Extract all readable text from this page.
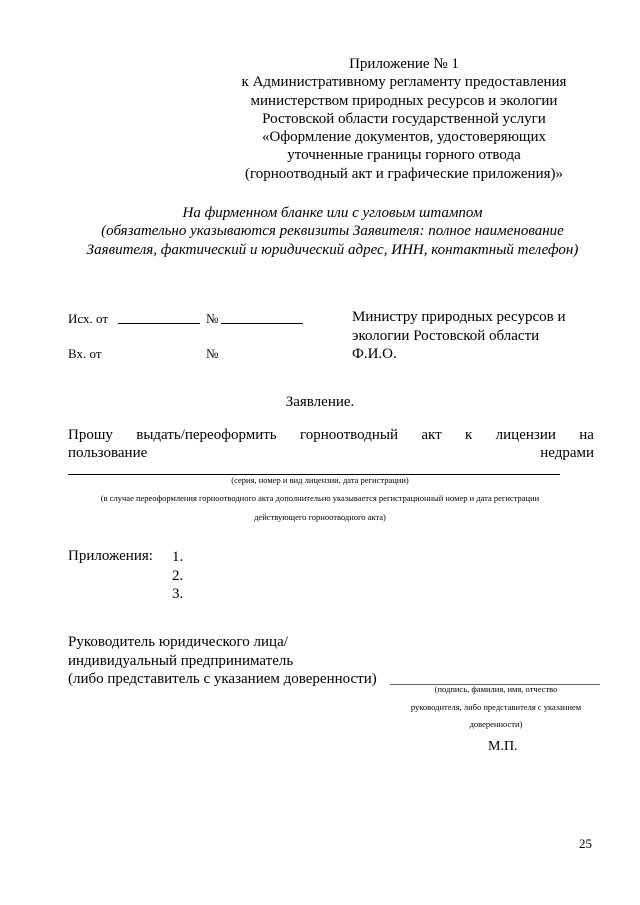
Приложение № 1
к Административному регламенту предоставления
министерством природных ресурсов и экологии
Ростовской области государственной услуги
«Оформление документов, удостоверяющих
уточненные границы горного отвода
(горноотводный акт и графические приложения)»
На фирменном бланке или с угловым штампом
(обязательно указываются реквизиты Заявителя: полное наименование
Заявителя, фактический и юридический адрес, ИНН, контактный телефон)
Исх. от	№
Вх. от	№
Министру природных ресурсов и
экологии Ростовской области
Ф.И.О.
Заявление.
Прошу выдать/переоформить горноотводный акт к лицензии на
пользование	недрами
(серия, номер и вид лицензии, дата регистрации)
(в случае переоформления горноотводного акта дополнительно указывается регистрационный номер и дата регистрации
действующего горноотводного акта)
Приложения: 1.
2.
3.
Руководитель юридического лица/
индивидуальный предприниматель
(либо представитель с указанием доверенности)
(подпись, фамилия, имя, отчество
руководителя, либо представителя с указанием
доверенности)
М.П.
25
